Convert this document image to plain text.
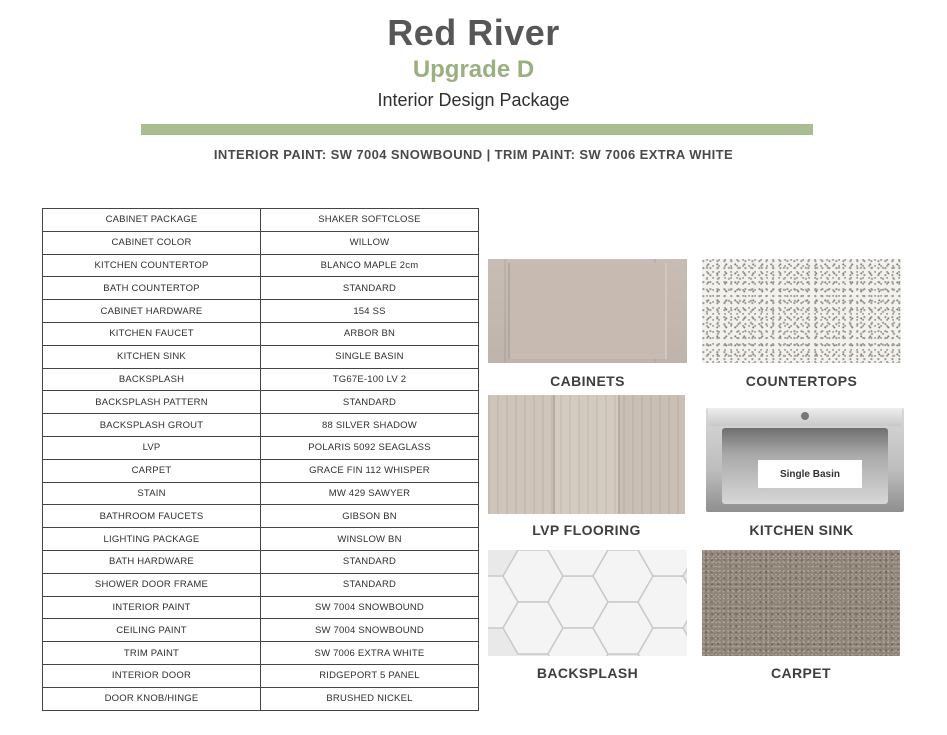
Red River
Upgrade D
Interior Design Package
INTERIOR PAINT: SW 7004 SNOWBOUND | TRIM PAINT: SW 7006 EXTRA WHITE
CABINET PACKAGE	SHAKER SOFTCLOSE
CABINET COLOR	WILLOW
KITCHEN COUNTERTOP	BLANCO MAPLE 2cm
BATH COUNTERTOP	STANDARD
CABINET HARDWARE	154 SS
KITCHEN FAUCET	ARBOR BN
KITCHEN SINK	SINGLE BASIN
BACKSPLASH	TG67E-100 LV 2
BACKSPLASH PATTERN	STANDARD
BACKSPLASH GROUT	88 SILVER SHADOW
LVP	POLARIS 5092 SEAGLASS
CARPET	GRACE FIN 112 WHISPER
STAIN	MW 429 SAWYER
BATHROOM FAUCETS	GIBSON BN
LIGHTING PACKAGE	WINSLOW BN
BATH HARDWARE	STANDARD
SHOWER DOOR FRAME	STANDARD
INTERIOR PAINT	SW 7004 SNOWBOUND
CEILING PAINT	SW 7004 SNOWBOUND
TRIM PAINT	SW 7006 EXTRA WHITE
INTERIOR DOOR	RIDGEPORT 5 PANEL
DOOR KNOB/HINGE	BRUSHED NICKEL
CABINETS	COUNTERTOPS
LVP FLOORING
Single Basin
KITCHEN SINK
BACKSPLASH	CARPET
